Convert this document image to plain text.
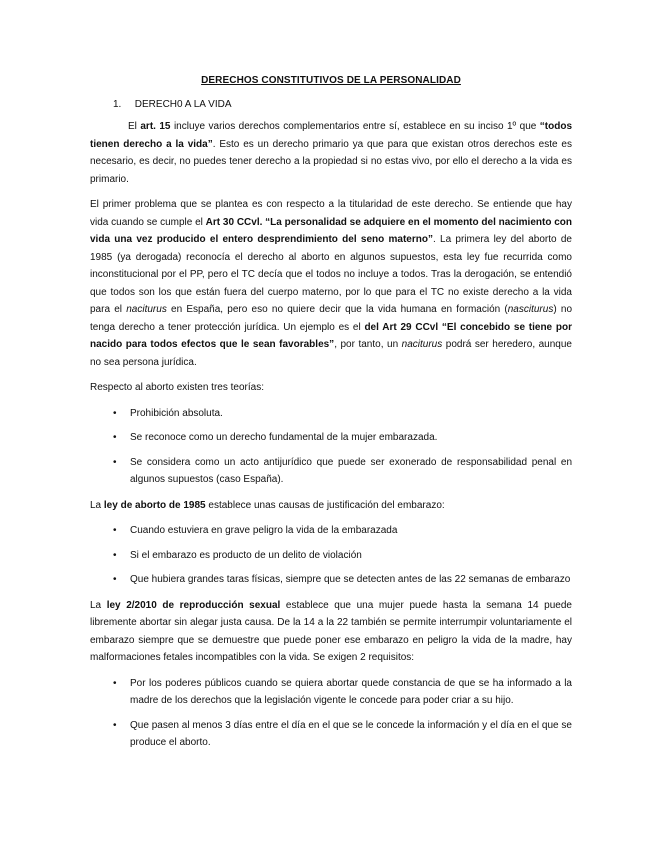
DERECHOS CONSTITUTIVOS DE LA PERSONALIDAD
1. DERECH0 A LA VIDA

El art. 15 incluye varios derechos complementarios entre sí, establece en su inciso 1º que “todos tienen derecho a la vida”. Esto es un derecho primario ya que para que existan otros derechos este es necesario, es decir, no puedes tener derecho a la propiedad si no estas vivo, por ello el derecho a la vida es primario.

El primer problema que se plantea es con respecto a la titularidad de este derecho. Se entiende que hay vida cuando se cumple el Art 30 CCvl. “La personalidad se adquiere en el momento del nacimiento con vida una vez producido el entero desprendimiento del seno materno”. La primera ley del aborto de 1985 (ya derogada) reconocía el derecho al aborto en algunos supuestos, esta ley fue recurrida como inconstitucional por el PP, pero el TC decía que el todos no incluye a todos. Tras la derogación, se entendió que todos son los que están fuera del cuerpo materno, por lo que para el TC no existe derecho a la vida para el naciturus en España, pero eso no quiere decir que la vida humana en formación (nasciturus) no tenga derecho a tener protección jurídica. Un ejemplo es el del Art 29 CCvl “El concebido se tiene por nacido para todos efectos que le sean favorables”, por tanto, un naciturus podrá ser heredero, aunque no sea persona jurídica.

Respecto al aborto existen tres teorías:

• Prohibición absoluta.
• Se reconoce como un derecho fundamental de la mujer embarazada.
• Se considera como un acto antijurídico que puede ser exonerado de responsabilidad penal en algunos supuestos (caso España).

La ley de aborto de 1985 establece unas causas de justificación del embarazo:

• Cuando estuviera en grave peligro la vida de la embarazada
• Si el embarazo es producto de un delito de violación
• Que hubiera grandes taras físicas, siempre que se detecten antes de las 22 semanas de embarazo

La ley 2/2010 de reproducción sexual establece que una mujer puede hasta la semana 14 puede libremente abortar sin alegar justa causa. De la 14 a la 22 también se permite interrumpir voluntariamente el embarazo siempre que se demuestre que puede poner ese embarazo en peligro la vida de la madre, hay malformaciones fetales incompatibles con la vida. Se exigen 2 requisitos:

• Por los poderes públicos cuando se quiera abortar quede constancia de que se ha informado a la madre de los derechos que la legislación vigente le concede para poder criar a su hijo.
• Que pasen al menos 3 días entre el día en el que se le concede la información y el día en el que se produce el aborto.
